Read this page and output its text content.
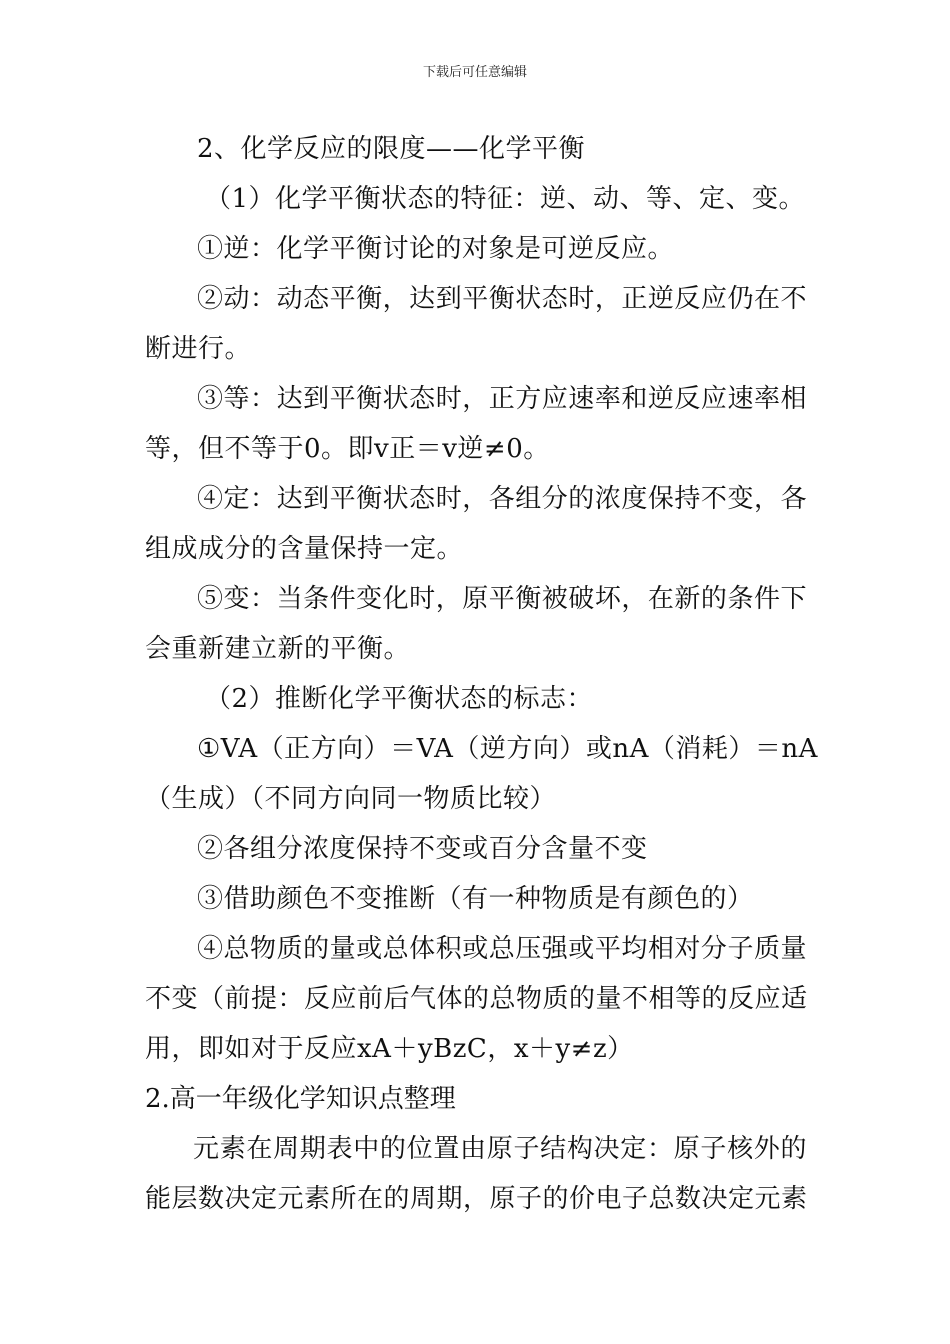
下载后可任意编辑
2、化学反应的限度——化学平衡
（1）化学平衡状态的特征：逆、动、等、定、变。
①逆：化学平衡讨论的对象是可逆反应。
②动：动态平衡，达到平衡状态时，正逆反应仍在不
断进行。
③等：达到平衡状态时，正方应速率和逆反应速率相
等，但不等于0。即v正＝v逆≠0。
④定：达到平衡状态时，各组分的浓度保持不变，各
组成成分的含量保持一定。
⑤变：当条件变化时，原平衡被破坏，在新的条件下
会重新建立新的平衡。
（2）推断化学平衡状态的标志：
①VA（正方向）＝VA（逆方向）或nA（消耗）＝nA
（生成）（不同方向同一物质比较）
②各组分浓度保持不变或百分含量不变
③借助颜色不变推断（有一种物质是有颜色的）
④总物质的量或总体积或总压强或平均相对分子质量
不变（前提：反应前后气体的总物质的量不相等的反应适
用，即如对于反应xA＋yBzC，x＋y≠z）
2.高一年级化学知识点整理
元素在周期表中的位置由原子结构决定：原子核外的
能层数决定元素所在的周期，原子的价电子总数决定元素
